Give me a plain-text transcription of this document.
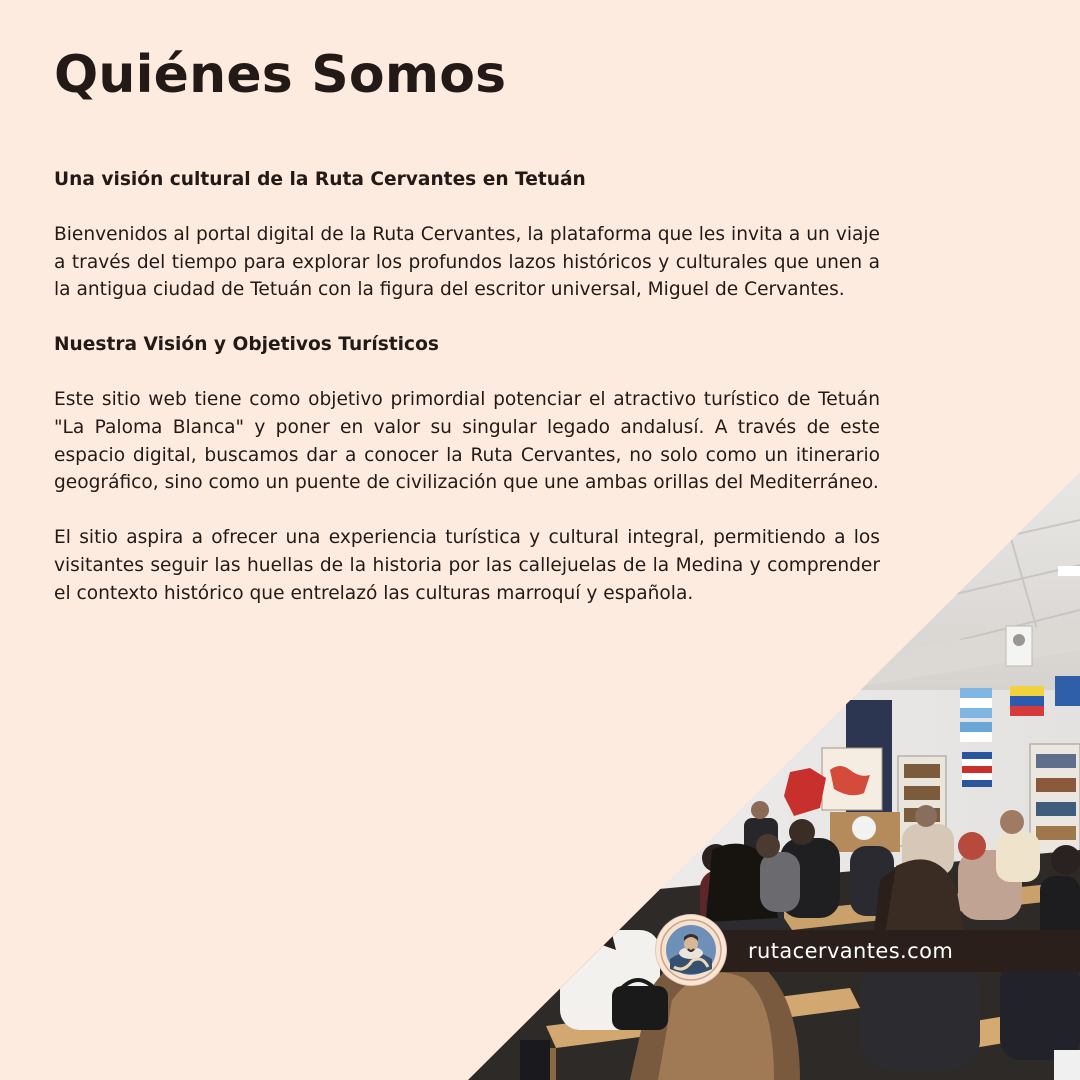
Quiénes Somos

Una visión cultural de la Ruta Cervantes en Tetuán

Bienvenidos al portal digital de la Ruta Cervantes, la plataforma que les invita a un viaje a través del tiempo para explorar los profundos lazos históricos y culturales que unen a la antigua ciudad de Tetuán con la figura del escritor universal, Miguel de Cervantes.

Nuestra Visión y Objetivos Turísticos

Este sitio web tiene como objetivo primordial potenciar el atractivo turístico de Tetuán "La Paloma Blanca" y poner en valor su singular legado andalusí. A través de este espacio digital, buscamos dar a conocer la Ruta Cervantes, no solo como un itinerario geográfico, sino como un puente de civilización que une ambas orillas del Mediterráneo.

El sitio aspira a ofrecer una experiencia turística y cultural integral, permitiendo a los visitantes seguir las huellas de la historia por las callejuelas de la Medina y comprender el contexto histórico que entrelazó las culturas marroquí y española.

rutacervantes.com
